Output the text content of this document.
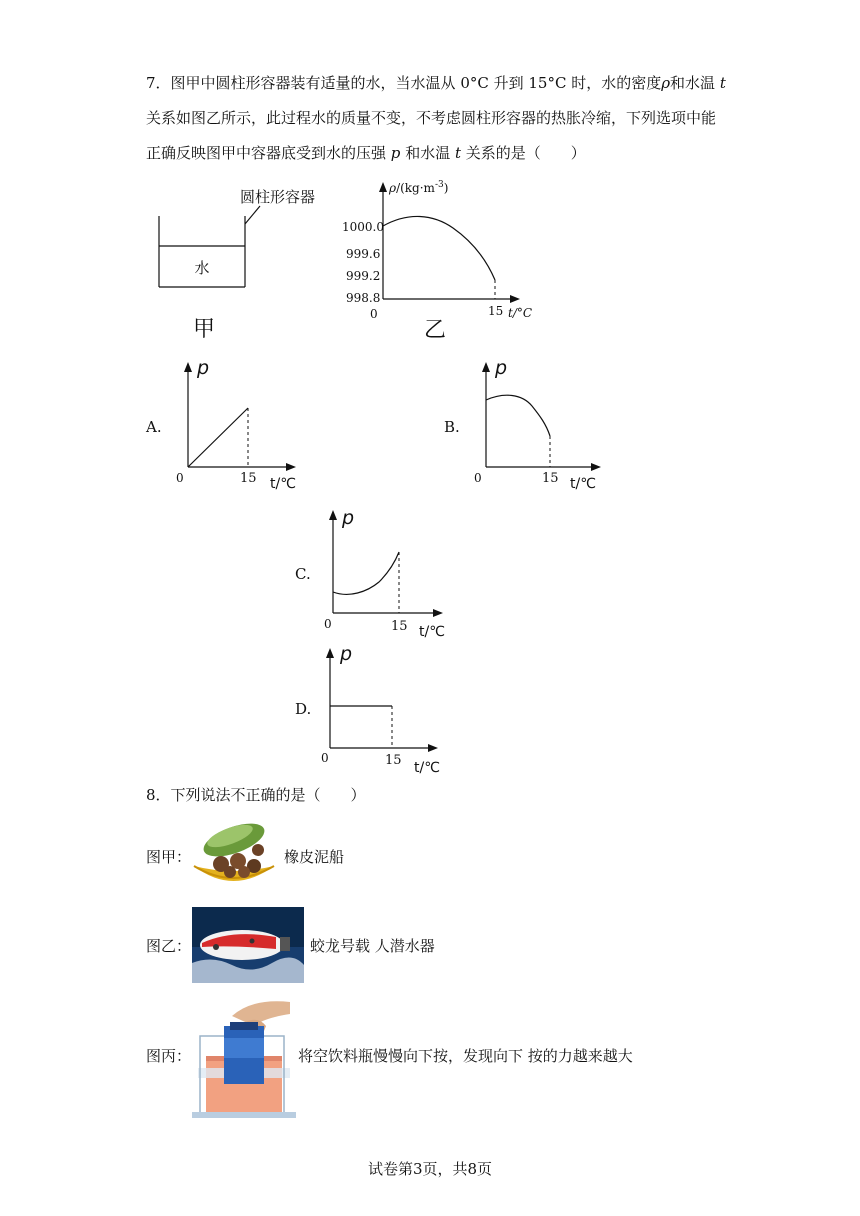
7．图甲中圆柱形容器装有适量的水，当水温从 0°C 升到 15°C 时，水的密度ρ和水温 t
关系如图乙所示，此过程水的质量不变，不考虑圆柱形容器的热胀冷缩，下列选项中能
正确反映图甲中容器底受到水的压强 p 和水温 t 关系的是（　　）
圆柱形容器
水
甲
$\rho/(kg\cdot m^{-3})$
1000.0
999.6
999.2
998.8
0	15 t/°C
乙
A.
p
0	15 t/℃
B.
p
0	15 t/℃
C.
p
0	15 t/℃
D.
p
0	15 t/℃
8．下列说法不正确的是（　　）
图甲：	橡皮泥船
图乙：	蛟龙号载 人潜水器
图丙：	将空饮料瓶慢慢向下按，发现向下 按的力越来越大
试卷第3页，共8页
